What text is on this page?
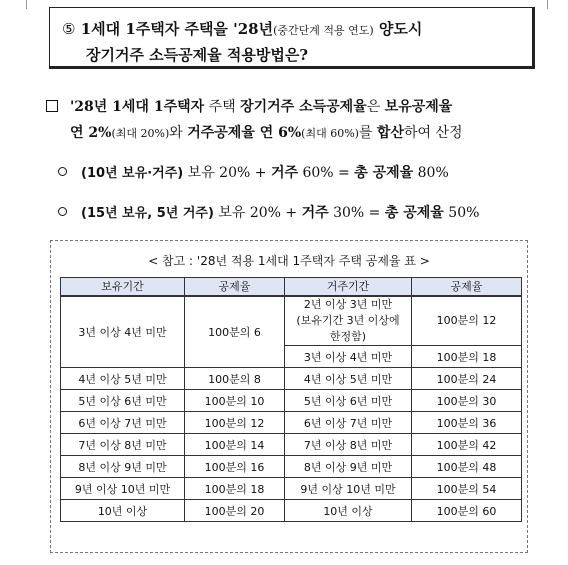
⑤ 1세대 1주택자 주택을 '28년(중간단계 적용 연도) 양도시
장기거주 소득공제율 적용방법은?
'28년 1세대 1주택자 주택 장기거주 소득공제율은 보유공제율
연 2%(최대 20%)와 거주공제율 연 6%(최대 60%)를 합산하여 산정
(10년 보유·거주) 보유 20% + 거주 60% = 총 공제율 80%
(15년 보유, 5년 거주) 보유 20% + 거주 30% = 총 공제율 50%
< 참고 : '28년 적용 1세대 1주택자 주택 공제율 표 >
보유기간	공제율	거주기간	공제율
3년 이상 4년 미만	100분의 6	2년 이상 3년 미만
(보유기간 3년 이상에
한정함)	100분의 12
		3년 이상 4년 미만	100분의 18
4년 이상 5년 미만	100분의 8	4년 이상 5년 미만	100분의 24
5년 이상 6년 미만	100분의 10	5년 이상 6년 미만	100분의 30
6년 이상 7년 미만	100분의 12	6년 이상 7년 미만	100분의 36
7년 이상 8년 미만	100분의 14	7년 이상 8년 미만	100분의 42
8년 이상 9년 미만	100분의 16	8년 이상 9년 미만	100분의 48
9년 이상 10년 미만	100분의 18	9년 이상 10년 미만	100분의 54
10년 이상	100분의 20	10년 이상	100분의 60
